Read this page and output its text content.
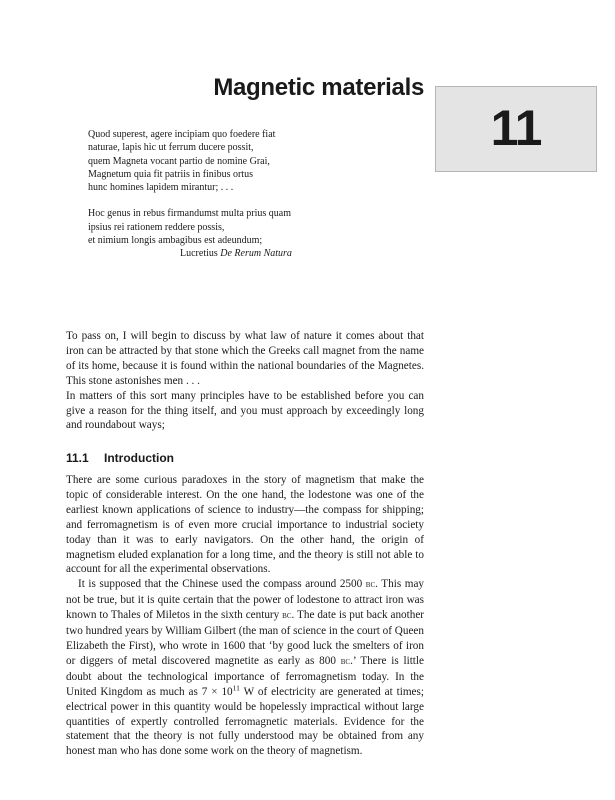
Magnetic materials
11
Quod superest, agere incipiam quo foedere fiat
naturae, lapis hic ut ferrum ducere possit,
quem Magneta vocant partio de nomine Grai,
Magnetum quia fit patriis in finibus ortus
hunc homines lapidem mirantur; . . .
Hoc genus in rebus firmandumst multa prius quam
ipsius rei rationem reddere possis,
et nimium longis ambagibus est adeundum;
Lucretius De Rerum Natura

To pass on, I will begin to discuss by what law of nature it comes about that iron can be attracted by that stone which the Greeks call magnet from the name of its home, because it is found within the national boundaries of the Magnetes. This stone astonishes men . . .

In matters of this sort many principles have to be established before you can give a reason for the thing itself, and you must approach by exceedingly long and roundabout ways;

11.1 Introduction

There are some curious paradoxes in the story of magnetism that make the topic of considerable interest. On the one hand, the lodestone was one of the earliest known applications of science to industry—the compass for shipping; and ferromagnetism is of even more crucial importance to industrial society today than it was to early navigators. On the other hand, the origin of magnetism eluded explanation for a long time, and the theory is still not able to account for all the experimental observations.

It is supposed that the Chinese used the compass around 2500 bc. This may not be true, but it is quite certain that the power of lodestone to attract iron was known to Thales of Miletos in the sixth century bc. The date is put back another two hundred years by William Gilbert (the man of science in the court of Queen Elizabeth the First), who wrote in 1600 that ‘by good luck the smelters of iron or diggers of metal discovered magnetite as early as 800 bc.’ There is little doubt about the technological importance of ferromagnetism today. In the United Kingdom as much as $7 \times 10^{11}$ W of electricity are generated at times; electrical power in this quantity would be hopelessly impractical without large quantities of expertly controlled ferromagnetic materials. Evidence for the statement that the theory is not fully understood may be obtained from any honest man who has done some work on the theory of magnetism.
